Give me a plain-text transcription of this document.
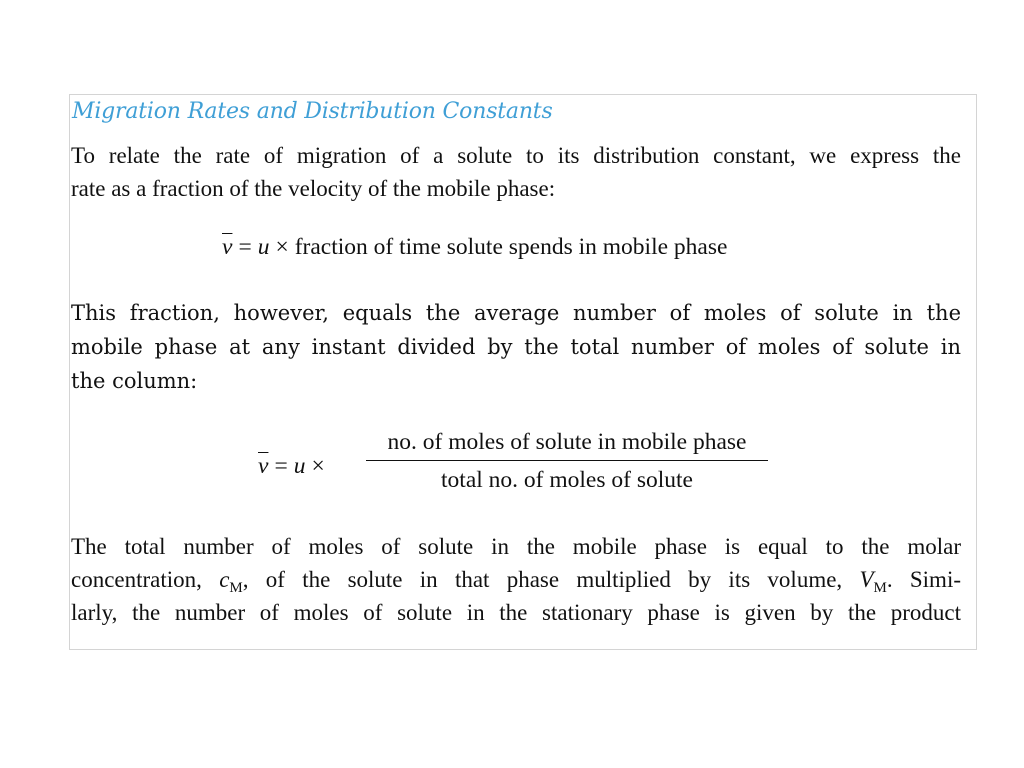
Migration Rates and Distribution Constants
To relate the rate of migration of a solute to its distribution constant, we express the
rate as a fraction of the velocity of the mobile phase:
$\overline{v} = u$ × fraction of time solute spends in mobile phase
This fraction, however, equals the average number of moles of solute in the
mobile phase at any instant divided by the total number of moles of solute in
the column:
$\overline{v} = u$ ×
no. of moles of solute in mobile phase
total no. of moles of solute
The total number of moles of solute in the mobile phase is equal to the molar
concentration, $c_M$, of the solute in that phase multiplied by its volume, $V_M$. Simi-
larly, the number of moles of solute in the stationary phase is given by the product
